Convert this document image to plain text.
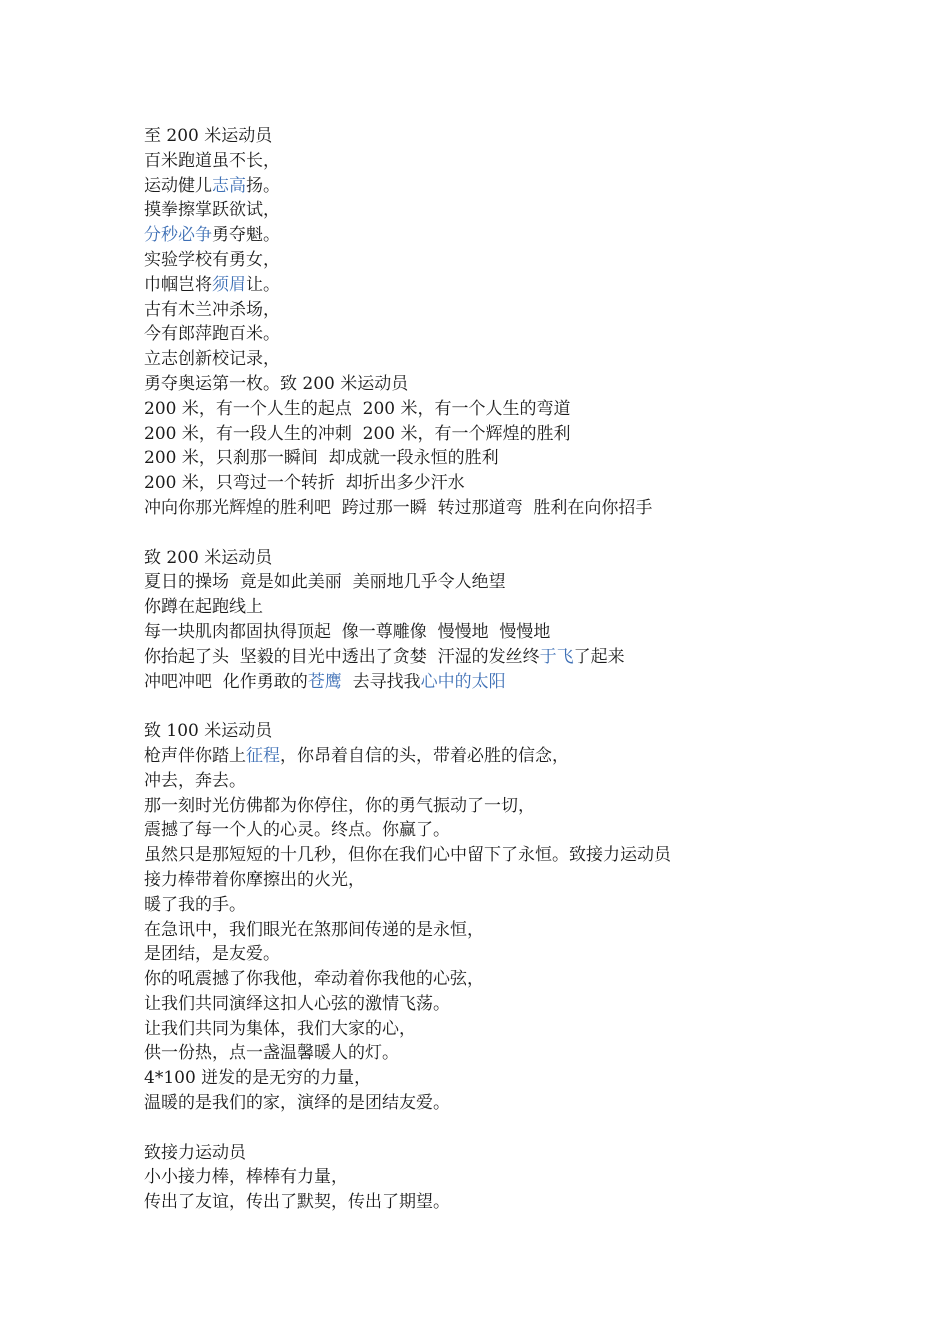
至 200 米运动员
百米跑道虽不长，
运动健儿志高扬。
摸拳擦掌跃欲试，
分秒必争勇夺魁。
实验学校有勇女，
巾帼岂将须眉让。
古有木兰冲杀场，
今有郎萍跑百米。
立志创新校记录，
勇夺奥运第一枚。致 200 米运动员
200 米，有一个人生的起点  200 米，有一个人生的弯道
200 米，有一段人生的冲刺  200 米，有一个辉煌的胜利
200 米，只刹那一瞬间  却成就一段永恒的胜利
200 米，只弯过一个转折  却折出多少汗水
冲向你那光辉煌的胜利吧  跨过那一瞬  转过那道弯  胜利在向你招手
致 200 米运动员
夏日的操场  竟是如此美丽  美丽地几乎令人绝望
你蹲在起跑线上
每一块肌肉都固执得顶起  像一尊雕像  慢慢地  慢慢地
你抬起了头  坚毅的目光中透出了贪婪  汗湿的发丝终于飞了起来
冲吧冲吧  化作勇敢的苍鹰  去寻找我心中的太阳
致 100 米运动员
枪声伴你踏上征程，你昂着自信的头，带着必胜的信念，
冲去，奔去。
那一刻时光仿佛都为你停住，你的勇气振动了一切，
震撼了每一个人的心灵。终点。你赢了。
虽然只是那短短的十几秒，但你在我们心中留下了永恒。致接力运动员
接力棒带着你摩擦出的火光，
暖了我的手。
在急讯中，我们眼光在煞那间传递的是永恒，
是团结，是友爱。
你的吼震撼了你我他，牵动着你我他的心弦，
让我们共同演绎这扣人心弦的激情飞荡。
让我们共同为集体，我们大家的心，
供一份热，点一盏温馨暖人的灯。
4*100 迸发的是无穷的力量，
温暖的是我们的家，演绎的是团结友爱。
致接力运动员
小小接力棒，棒棒有力量，
传出了友谊，传出了默契，传出了期望。
